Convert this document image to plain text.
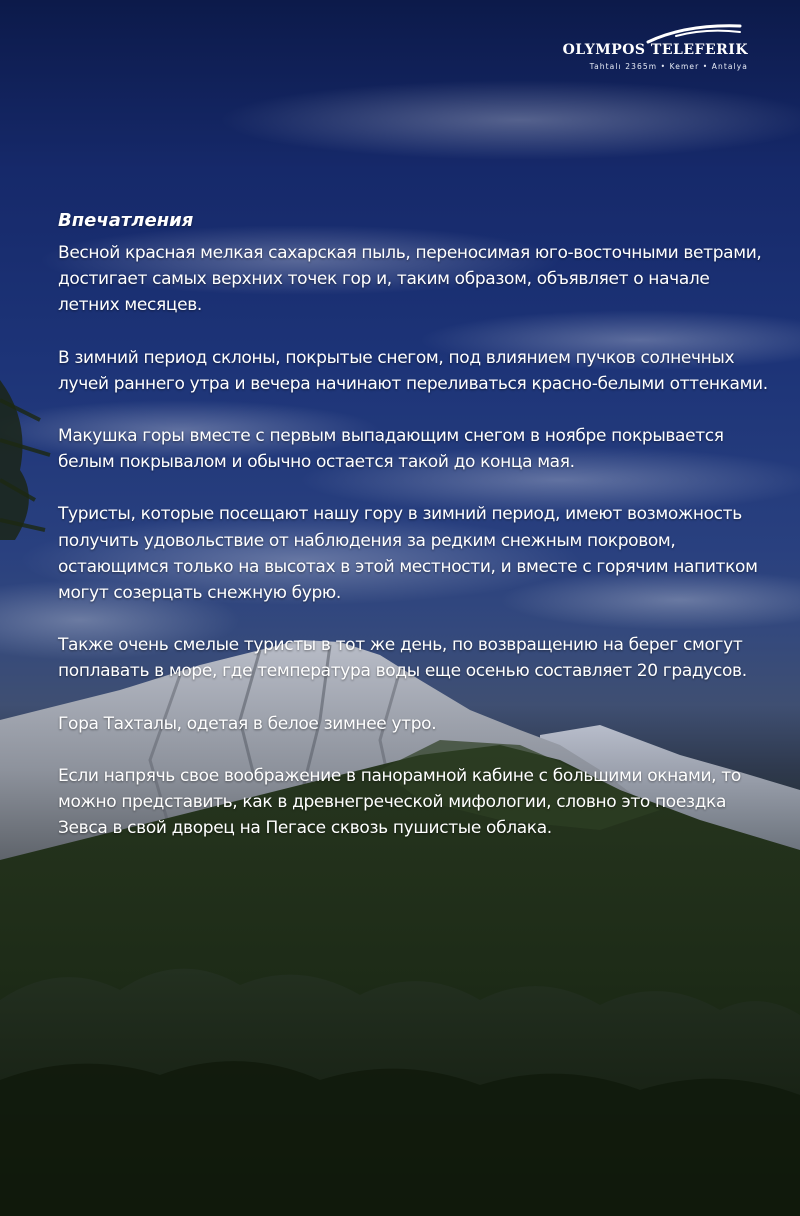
OLYMPOS TELEFERIK
Tahtalı 2365m • Kemer • Antalya
Впечатления

Весной красная мелкая сахарская пыль, переносимая юго-восточными ветрами, достигает самых верхних точек гор и, таким образом, объявляет о начале летних месяцев.

В зимний период склоны, покрытые снегом, под влиянием пучков солнечных лучей раннего утра и вечера начинают переливаться красно-белыми оттенками.

Макушка горы вместе с первым выпадающим снегом в ноябре покрывается белым покрывалом и обычно остается такой до конца мая.

Туристы, которые посещают нашу гору в зимний период, имеют возможность получить удовольствие от наблюдения за редким снежным покровом, остающимся только на высотах в этой местности, и вместе с горячим напитком могут созерцать снежную бурю.

Также очень смелые туристы в тот же день, по возвращению на берег смогут поплавать в море, где температура воды еще осенью составляет 20 градусов.

Гора Тахталы, одетая в белое зимнее утро.

Если напрячь свое воображение в панорамной кабине с большими окнами, то можно представить, как в древнегреческой мифологии, словно это поездка Зевса в свой дворец на Пегасе сквозь пушистые облака.
